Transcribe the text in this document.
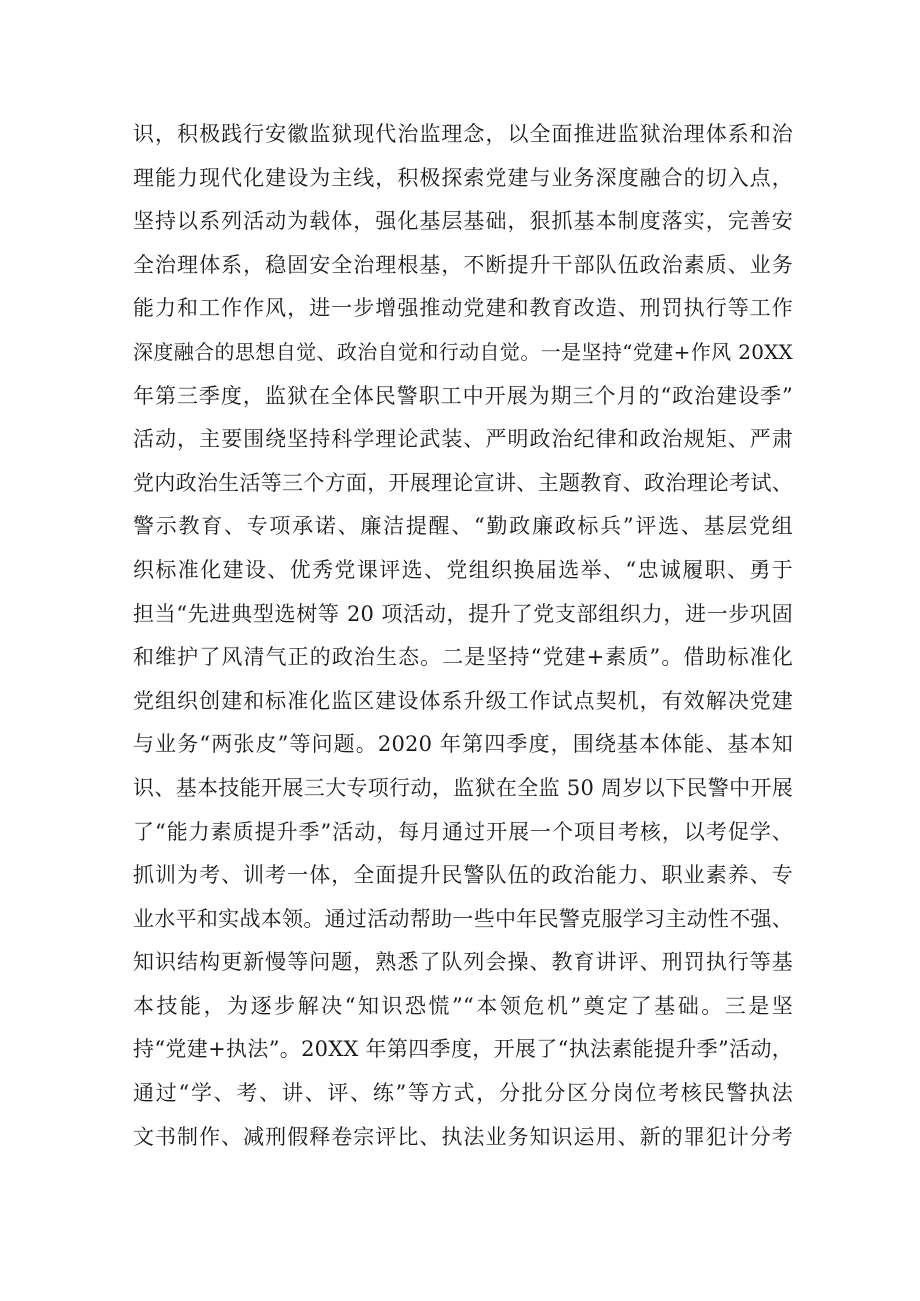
识，积极践行安徽监狱现代治监理念，以全面推进监狱治理体系和治
理能力现代化建设为主线，积极探索党建与业务深度融合的切入点，
坚持以系列活动为载体，强化基层基础，狠抓基本制度落实，完善安
全治理体系，稳固安全治理根基，不断提升干部队伍政治素质、业务
能力和工作作风，进一步增强推动党建和教育改造、刑罚执行等工作
深度融合的思想自觉、政治自觉和行动自觉。一是坚持“党建+作风 20XX
年第三季度，监狱在全体民警职工中开展为期三个月的“政治建设季”
活动，主要围绕坚持科学理论武装、严明政治纪律和政治规矩、严肃
党内政治生活等三个方面，开展理论宣讲、主题教育、政治理论考试、
警示教育、专项承诺、廉洁提醒、“勤政廉政标兵”评选、基层党组
织标准化建设、优秀党课评选、党组织换届选举、“忠诚履职、勇于
担当“先进典型选树等 20 项活动，提升了党支部组织力，进一步巩固
和维护了风清气正的政治生态。二是坚持“党建+素质”。借助标准化
党组织创建和标准化监区建设体系升级工作试点契机，有效解决党建
与业务“两张皮”等问题。2020 年第四季度，围绕基本体能、基本知
识、基本技能开展三大专项行动，监狱在全监 50 周岁以下民警中开展
了“能力素质提升季”活动，每月通过开展一个项目考核，以考促学、
抓训为考、训考一体，全面提升民警队伍的政治能力、职业素养、专
业水平和实战本领。通过活动帮助一些中年民警克服学习主动性不强、
知识结构更新慢等问题，熟悉了队列会操、教育讲评、刑罚执行等基
本技能，为逐步解决“知识恐慌”“本领危机”奠定了基础。三是坚
持“党建+执法”。20XX 年第四季度，开展了“执法素能提升季”活动，
通过“学、考、讲、评、练”等方式，分批分区分岗位考核民警执法
文书制作、减刑假释卷宗评比、执法业务知识运用、新的罪犯计分考
